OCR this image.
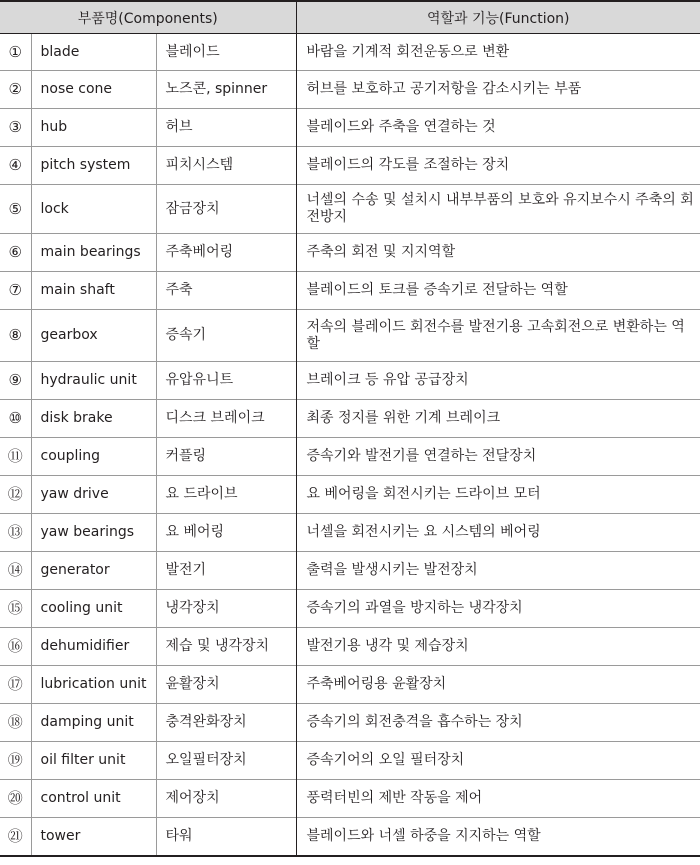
부품명(Components)			역할과 기능(Function)
①	blade	블레이드	바람을 기계적 회전운동으로 변환
②	nose cone	노즈콘, spinner	허브를 보호하고 공기저항을 감소시키는 부품
③	hub	허브	블레이드와 주축을 연결하는 것
④	pitch system	피치시스템	블레이드의 각도를 조절하는 장치
⑤	lock	잠금장치	너셀의 수송 및 설치시 내부부품의 보호와 유지보수시 주축의 회전방지
⑥	main bearings	주축베어링	주축의 회전 및 지지역할
⑦	main shaft	주축	블레이드의 토크를 증속기로 전달하는 역할
⑧	gearbox	증속기	저속의 블레이드 회전수를 발전기용 고속회전으로 변환하는 역할
⑨	hydraulic unit	유압유니트	브레이크 등 유압 공급장치
⑩	disk brake	디스크 브레이크	최종 정지를 위한 기계 브레이크
⑪	coupling	커플링	증속기와 발전기를 연결하는 전달장치
⑫	yaw drive	요 드라이브	요 베어링을 회전시키는 드라이브 모터
⑬	yaw bearings	요 베어링	너셀을 회전시키는 요 시스템의 베어링
⑭	generator	발전기	출력을 발생시키는 발전장치
⑮	cooling unit	냉각장치	증속기의 과열을 방지하는 냉각장치
⑯	dehumidifier	제습 및 냉각장치	발전기용 냉각 및 제습장치
⑰	lubrication unit	윤활장치	주축베어링용 윤활장치
⑱	damping unit	충격완화장치	증속기의 회전충격을 흡수하는 장치
⑲	oil filter unit	오일필터장치	증속기어의 오일 필터장치
⑳	control unit	제어장치	풍력터빈의 제반 작동을 제어
㉑	tower	타워	블레이드와 너셀 하중을 지지하는 역할
